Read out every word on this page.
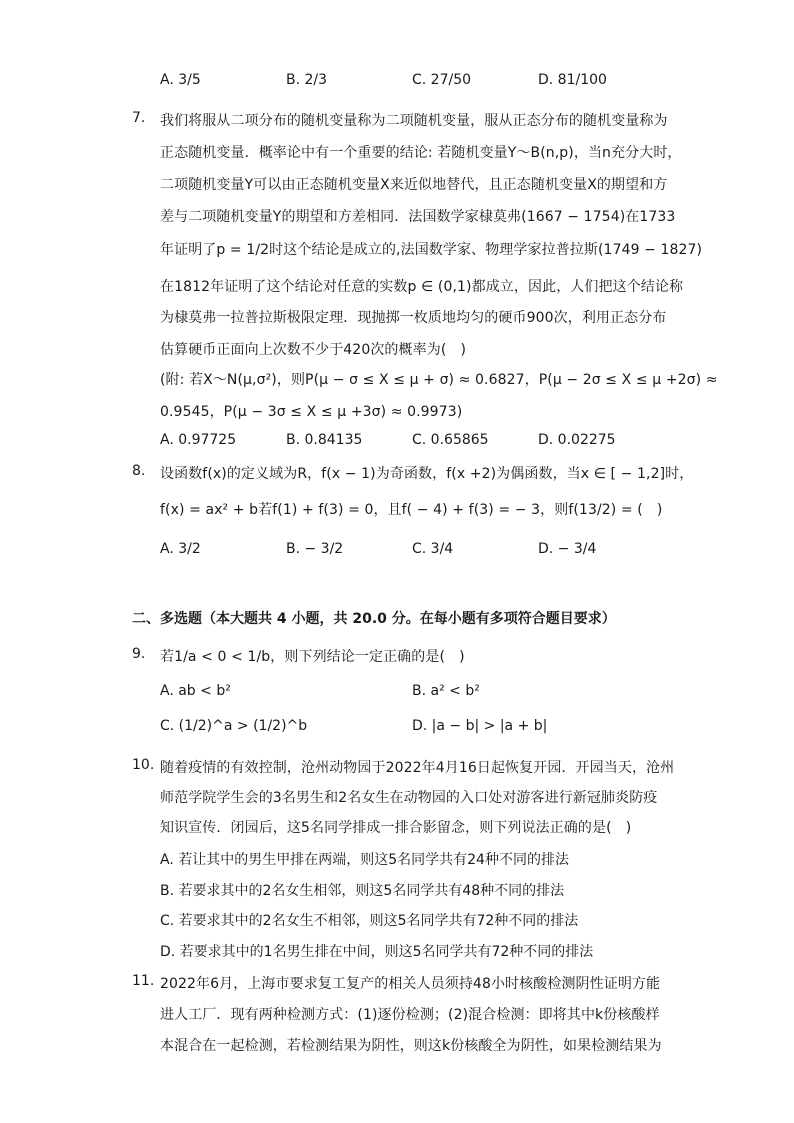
A. 3/5	B. 2/3	C. 27/50	D. 81/100
7. 我们将服从二项分布的随机变量称为二项随机变量，服从正态分布的随机变量称为
正态随机变量．概率论中有一个重要的结论: 若随机变量Y～B(n,p)，当n充分大时，
二项随机变量Y可以由正态随机变量X来近似地替代，且正态随机变量X的期望和方
差与二项随机变量Y的期望和方差相同．法国数学家棣莫弗(1667 − 1754)在1733
年证明了p = 1/2时这个结论是成立的,法国数学家、物理学家拉普拉斯(1749 − 1827)
在1812年证明了这个结论对任意的实数p ∈ (0,1)都成立，因此，人们把这个结论称
为棣莫弗一拉普拉斯极限定理．现抛掷一枚质地均匀的硬币900次，利用正态分布
估算硬币正面向上次数不少于420次的概率为(　)
(附: 若X～N(μ,σ²)，则P(μ − σ ≤ X ≤ μ + σ) ≈ 0.6827，P(μ − 2σ ≤ X ≤ μ +2σ) ≈
0.9545，P(μ − 3σ ≤ X ≤ μ +3σ) ≈ 0.9973)
A. 0.97725	B. 0.84135	C. 0.65865	D. 0.02275
8. 设函数f(x)的定义域为R，f(x − 1)为奇函数，f(x +2)为偶函数，当x ∈ [ − 1,2]时，
f(x) = ax² + b若f(1) + f(3) = 0，且f( − 4) + f(3) = − 3，则f(13/2) = (　)
A. 3/2	B. − 3/2	C. 3/4	D. − 3/4
二、多选题（本大题共 4 小题，共 20.0 分。在每小题有多项符合题目要求）
9. 若1/a < 0 < 1/b，则下列结论一定正确的是(　)
A. ab < b²	B. a² < b²
C. (1/2)^a > (1/2)^b	D. |a − b| > |a + b|
10. 随着疫情的有效控制，沧州动物园于2022年4月16日起恢复开园．开园当天，沧州
师范学院学生会的3名男生和2名女生在动物园的入口处对游客进行新冠肺炎防疫
知识宣传．闭园后，这5名同学排成一排合影留念，则下列说法正确的是(　)
A. 若让其中的男生甲排在两端，则这5名同学共有24种不同的排法
B. 若要求其中的2名女生相邻，则这5名同学共有48种不同的排法
C. 若要求其中的2名女生不相邻，则这5名同学共有72种不同的排法
D. 若要求其中的1名男生排在中间，则这5名同学共有72种不同的排法
11. 2022年6月，上海市要求复工复产的相关人员须持48小时核酸检测阴性证明方能
进人工厂．现有两种检测方式：(1)逐份检测；(2)混合检测：即将其中k份核酸样
本混合在一起检测，若检测结果为阴性，则这k份核酸全为阴性，如果检测结果为
